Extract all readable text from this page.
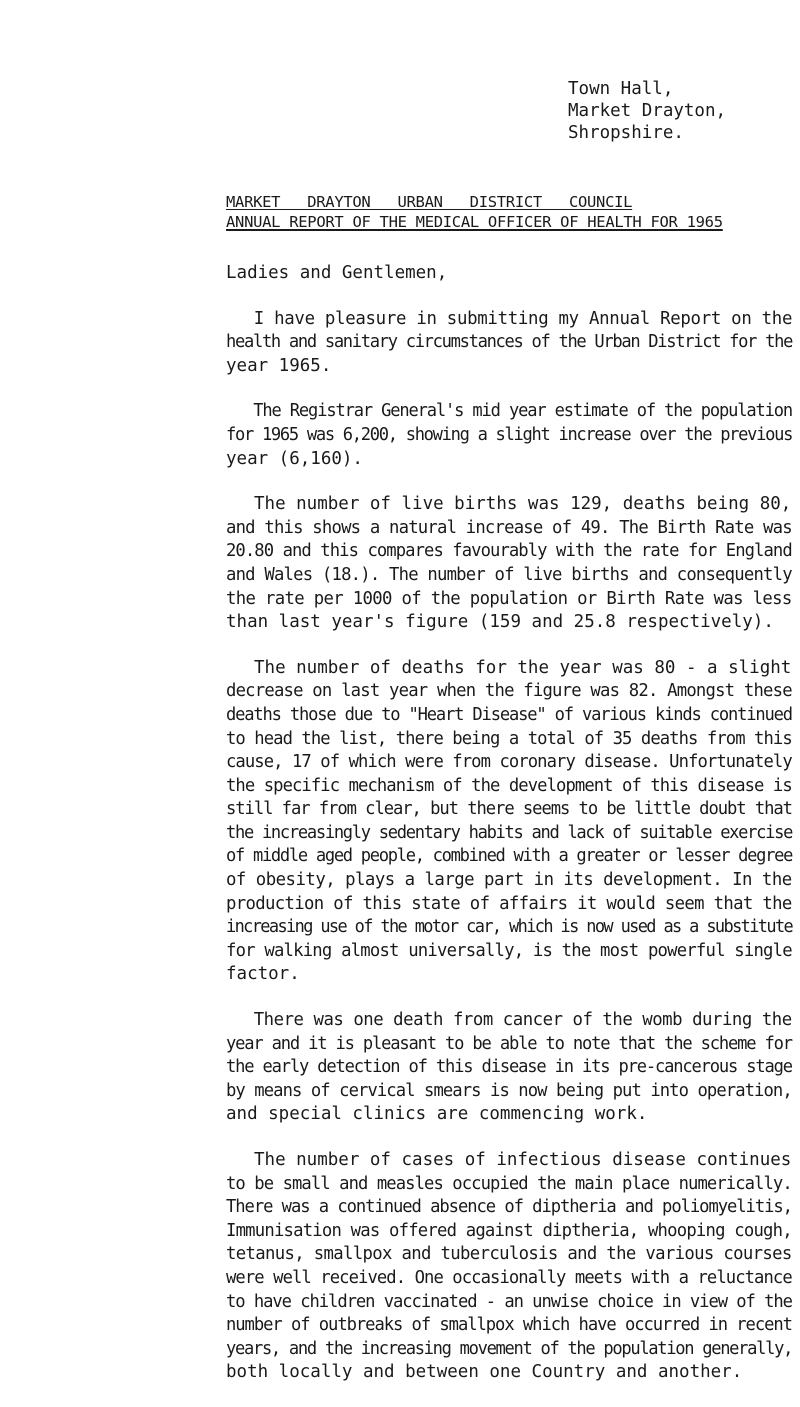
Town Hall,
Market Drayton,
Shropshire.
MARKET DRAYTON URBAN DISTRICT COUNCIL
ANNUAL REPORT OF THE MEDICAL OFFICER OF HEALTH FOR 1965
Ladies and Gentlemen,
I have pleasure in submitting my Annual Report on the
health and sanitary circumstances of the Urban District for the
year 1965.
The Registrar General's mid year estimate of the population
for 1965 was 6,200, showing a slight increase over the previous
year (6,160).
The number of live births was 129, deaths being 80,
and this shows a natural increase of 49. The Birth Rate was
20.80 and this compares favourably with the rate for England
and Wales (18.). The number of live births and consequently
the rate per 1000 of the population or Birth Rate was less
than last year's figure (159 and 25.8 respectively).
The number of deaths for the year was 80 - a slight
decrease on last year when the figure was 82. Amongst these
deaths those due to "Heart Disease" of various kinds continued
to head the list, there being a total of 35 deaths from this
cause, 17 of which were from coronary disease. Unfortunately
the specific mechanism of the development of this disease is
still far from clear, but there seems to be little doubt that
the increasingly sedentary habits and lack of suitable exercise
of middle aged people, combined with a greater or lesser degree
of obesity, plays a large part in its development. In the
production of this state of affairs it would seem that the
increasing use of the motor car, which is now used as a substitute
for walking almost universally, is the most powerful single
factor.
There was one death from cancer of the womb during the
year and it is pleasant to be able to note that the scheme for
the early detection of this disease in its pre-cancerous stage
by means of cervical smears is now being put into operation,
and special clinics are commencing work.
The number of cases of infectious disease continues
to be small and measles occupied the main place numerically.
There was a continued absence of diptheria and poliomyelitis,
Immunisation was offered against diptheria, whooping cough,
tetanus, smallpox and tuberculosis and the various courses
were well received. One occasionally meets with a reluctance
to have children vaccinated - an unwise choice in view of the
number of outbreaks of smallpox which have occurred in recent
years, and the increasing movement of the population generally,
both locally and between one Country and another.
